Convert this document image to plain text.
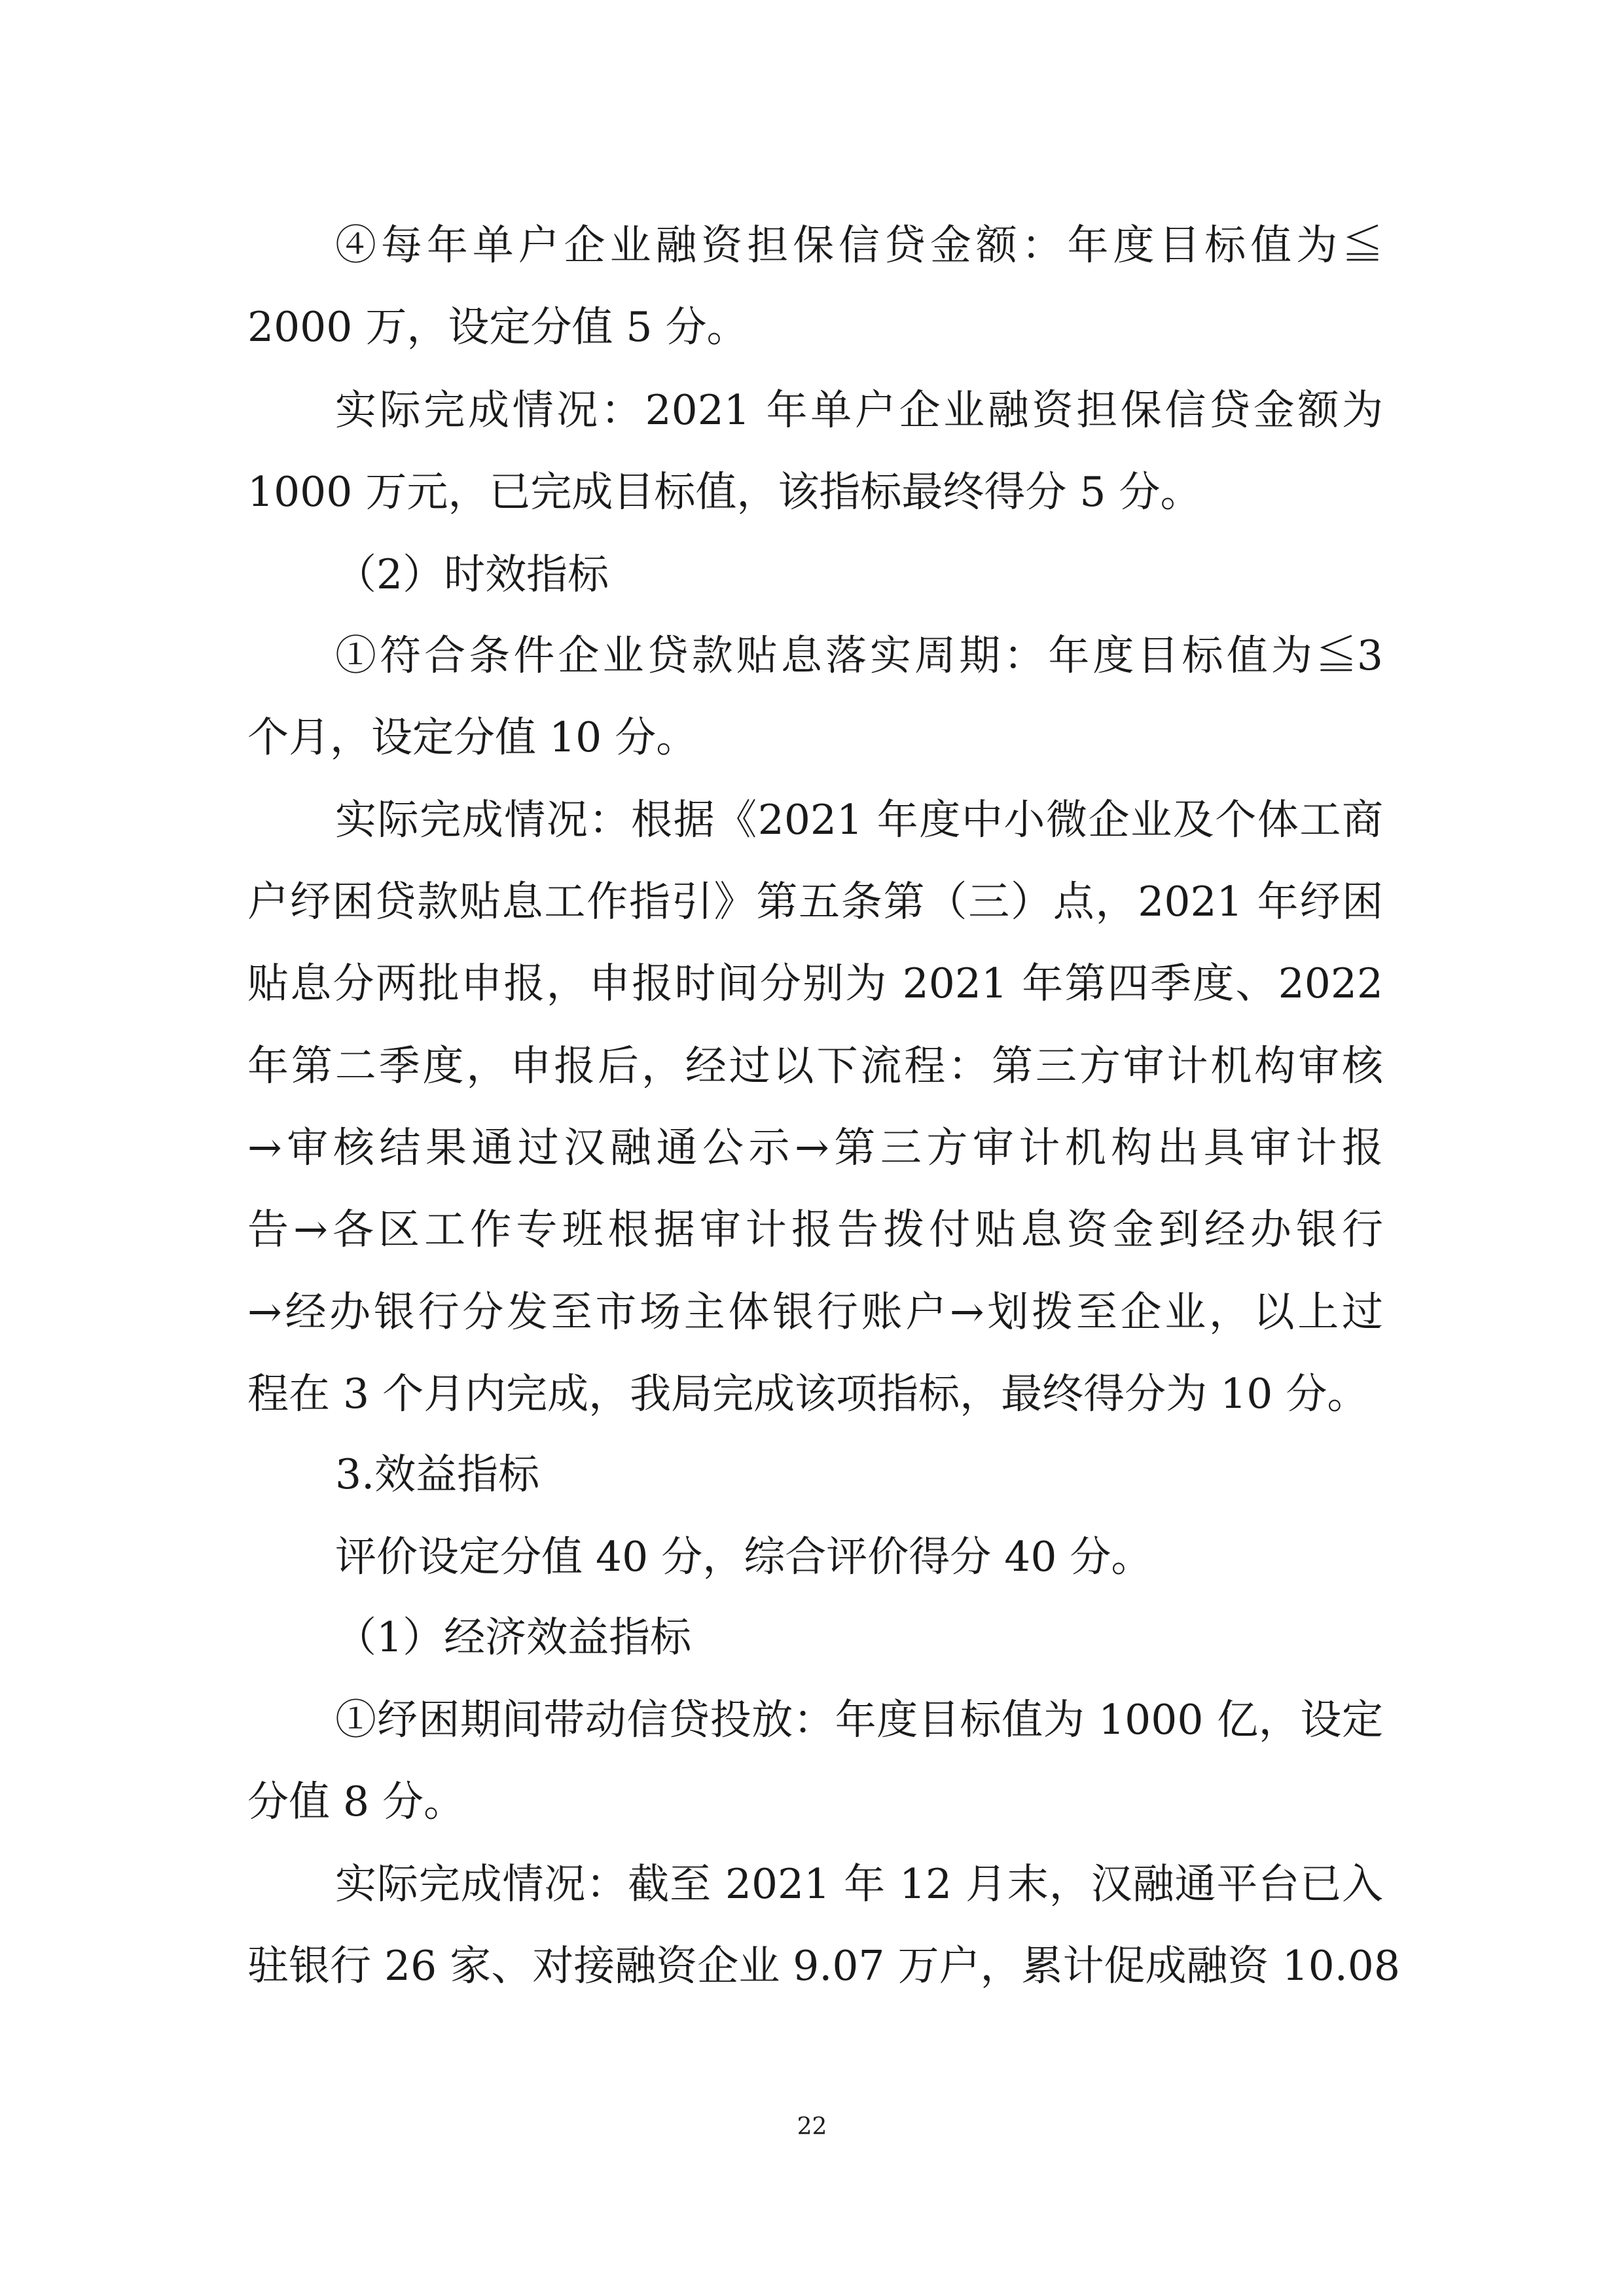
④每年单户企业融资担保信贷金额：年度目标值为≦
2000 万，设定分值 5 分。
实际完成情况：2021 年单户企业融资担保信贷金额为
1000 万元，已完成目标值，该指标最终得分 5 分。
（2）时效指标
①符合条件企业贷款贴息落实周期：年度目标值为≦3
个月，设定分值 10 分。
实际完成情况：根据《2021 年度中小微企业及个体工商
户纾困贷款贴息工作指引》第五条第（三）点，2021 年纾困
贴息分两批申报，申报时间分别为 2021 年第四季度、2022
年第二季度，申报后，经过以下流程：第三方审计机构审核
→审核结果通过汉融通公示→第三方审计机构出具审计报
告→各区工作专班根据审计报告拨付贴息资金到经办银行
→经办银行分发至市场主体银行账户→划拨至企业，以上过
程在 3 个月内完成，我局完成该项指标，最终得分为 10 分。
3.效益指标
评价设定分值 40 分，综合评价得分 40 分。
（1）经济效益指标
①纾困期间带动信贷投放：年度目标值为 1000 亿，设定
分值 8 分。
实际完成情况：截至 2021 年 12 月末，汉融通平台已入
驻银行 26 家、对接融资企业 9.07 万户，累计促成融资 10.08
22
